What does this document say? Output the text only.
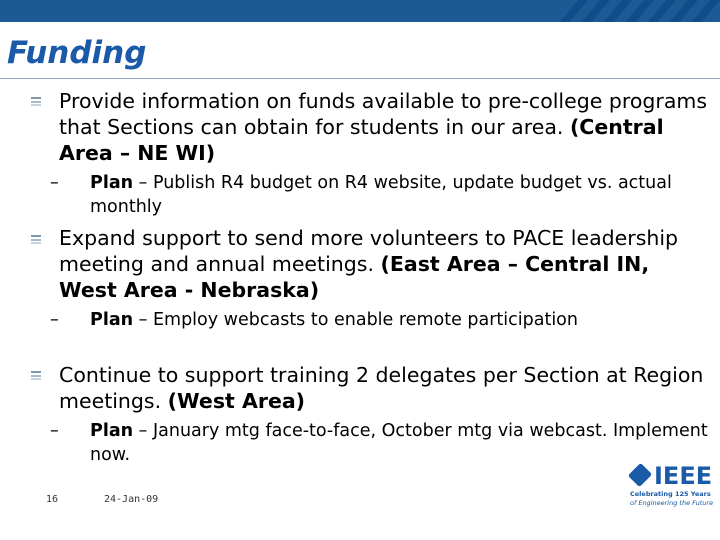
Funding

Provide information on funds available to pre-college programs that Sections can obtain for students in our area. (Central Area – NE WI)

– Plan – Publish R4 budget on R4 website, update budget vs. actual monthly

Expand support to send more volunteers to PACE leadership meeting and annual meetings. (East Area – Central IN, West Area - Nebraska)

– Plan – Employ webcasts to enable remote participation

Continue to support training 2 delegates per Section at Region meetings. (West Area)

– Plan – January mtg face-to-face, October mtg via webcast. Implement now.

16	24-Jan-09
IEEE
Celebrating 125 Years
of Engineering the Future
